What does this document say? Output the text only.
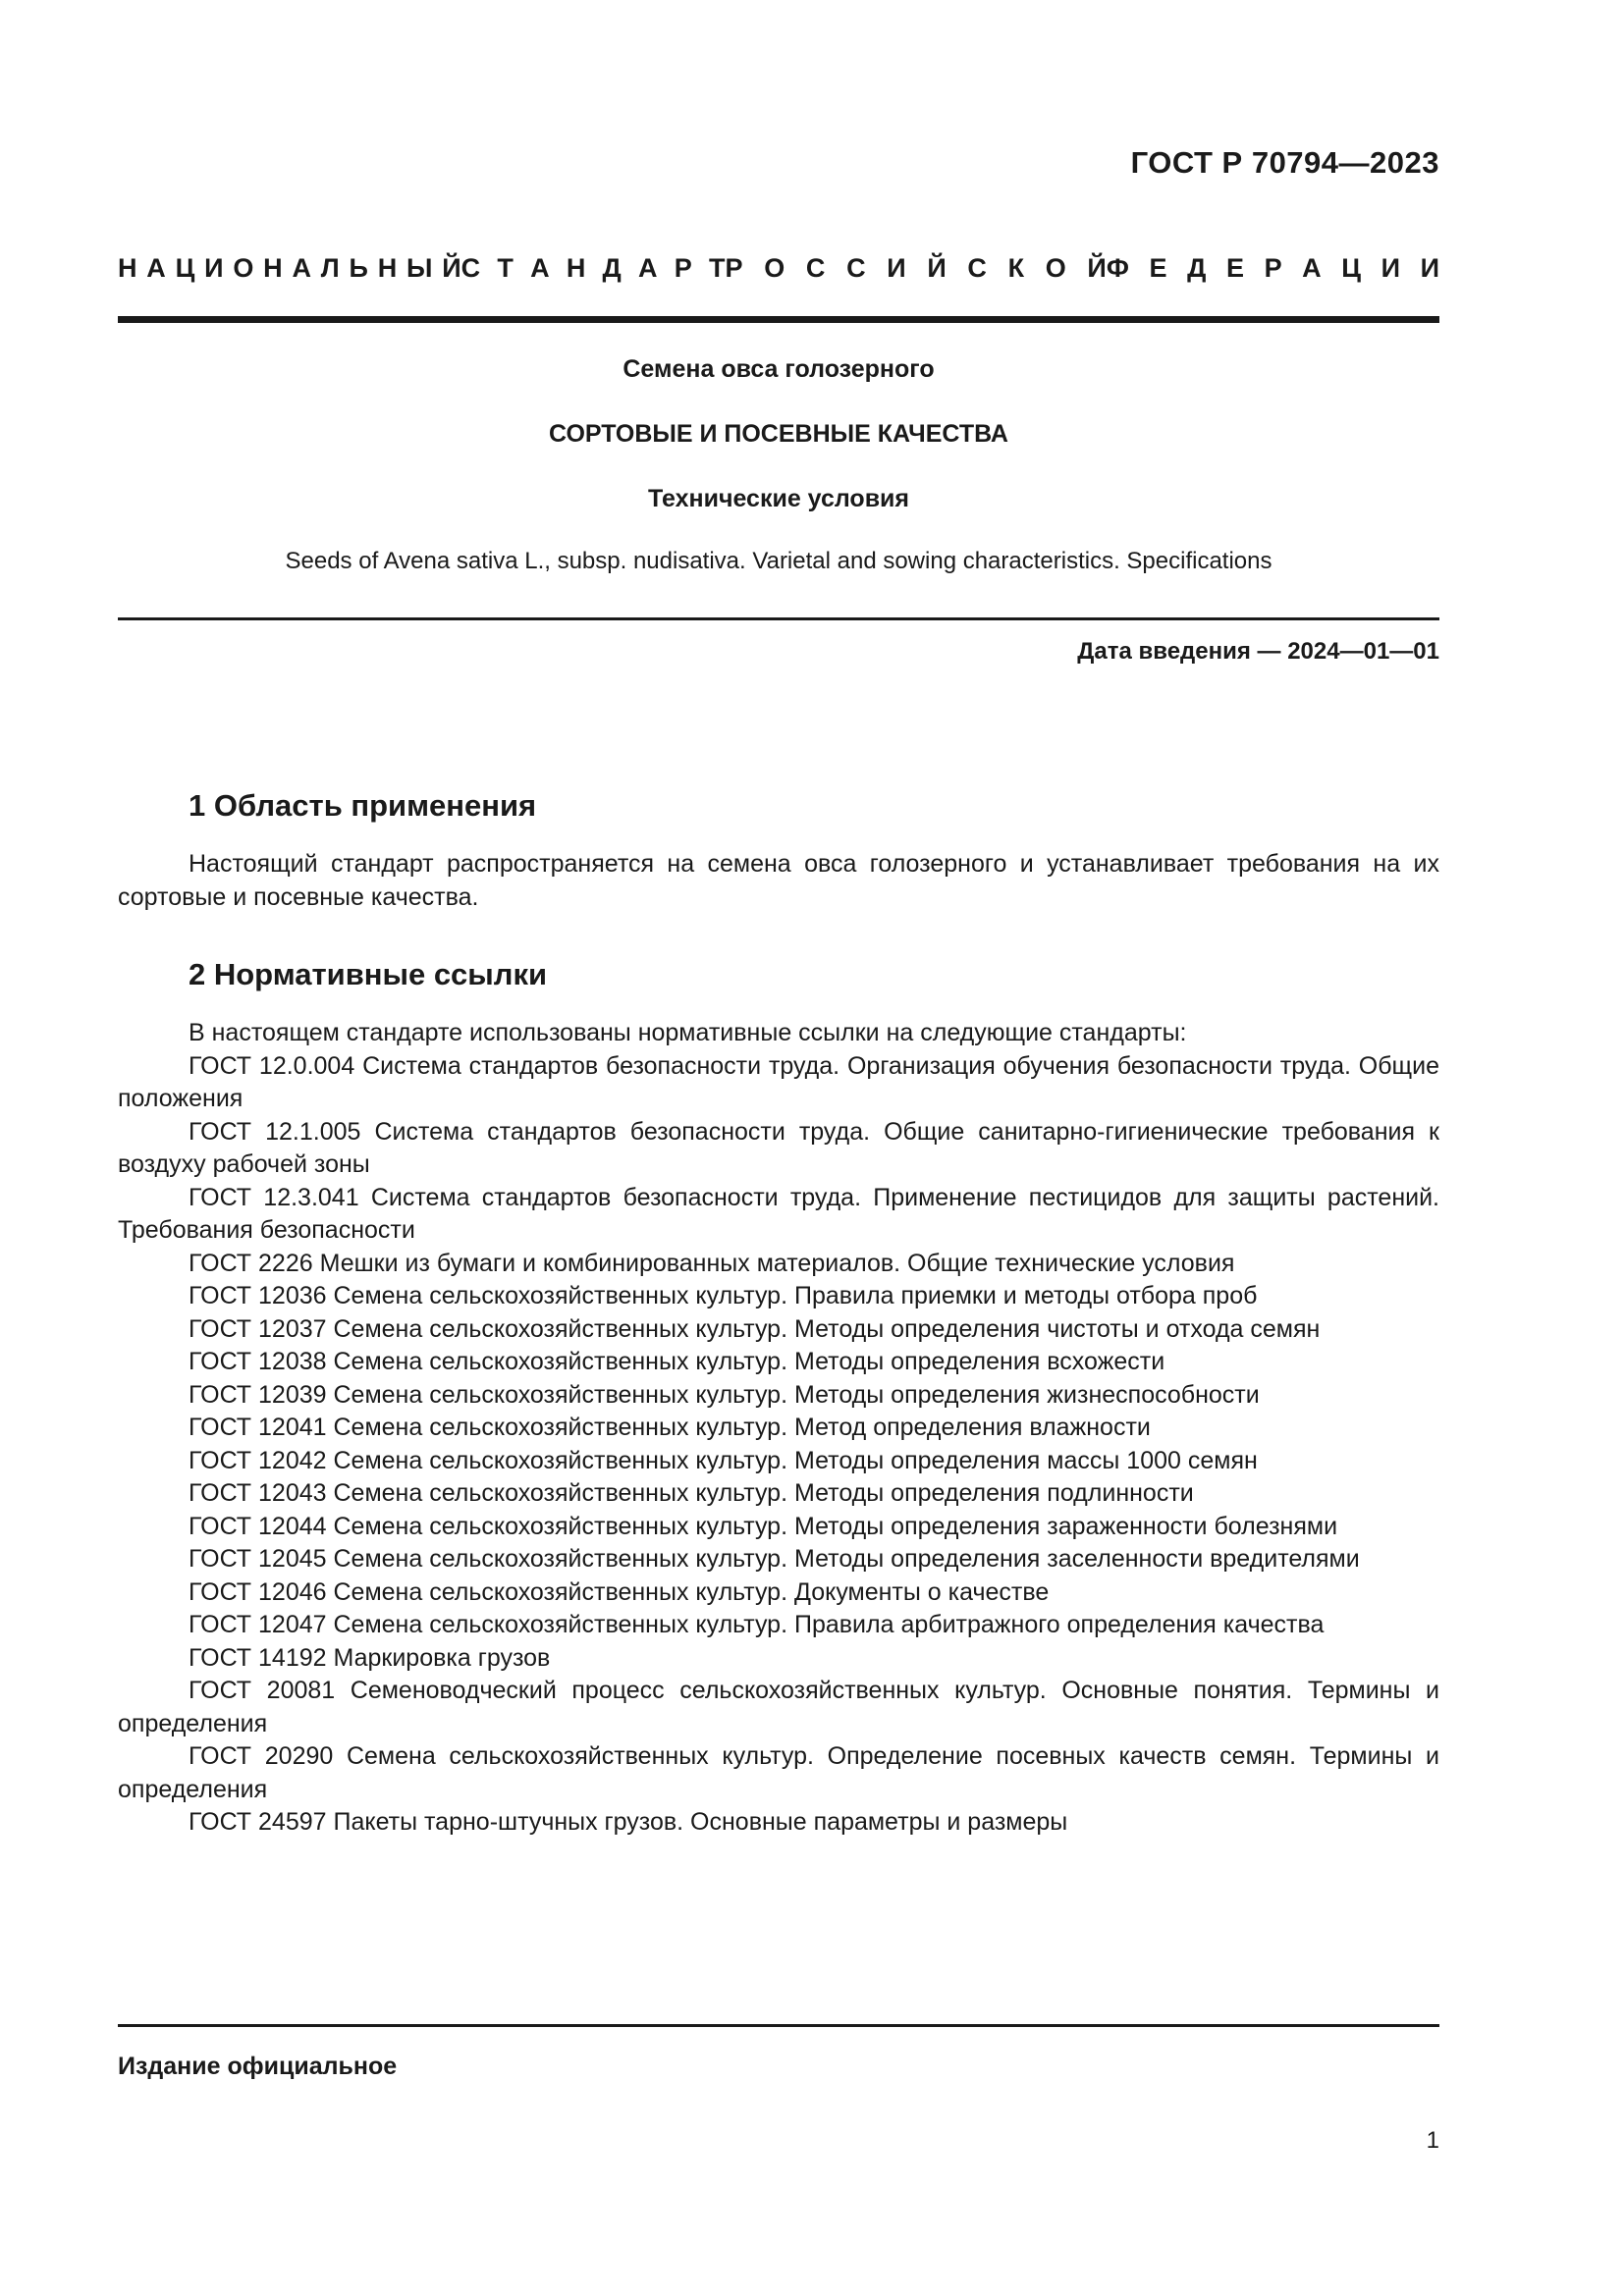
ГОСТ Р 70794—2023
Н А Ц И О Н А Л Ь Н Ы Й С Т А Н Д А Р Т Р О С С И Й С К О Й Ф Е Д Е Р А Ц И И
Семена овса голозерного
СОРТОВЫЕ И ПОСЕВНЫЕ КАЧЕСТВА
Технические условия
Seeds of Avena sativa L., subsp. nudisativa. Varietal and sowing characteristics. Specifications
Дата введения — 2024—01—01
1 Область применения

Настоящий стандарт распространяется на семена овса голозерного и устанавливает требования на их сортовые и посевные качества.

2 Нормативные ссылки

В настоящем стандарте использованы нормативные ссылки на следующие стандарты:

ГОСТ 12.0.004 Система стандартов безопасности труда. Организация обучения безопасности труда. Общие положения

ГОСТ 12.1.005 Система стандартов безопасности труда. Общие санитарно-гигиенические требования к воздуху рабочей зоны

ГОСТ 12.3.041 Система стандартов безопасности труда. Применение пестицидов для защиты растений. Требования безопасности

ГОСТ 2226 Мешки из бумаги и комбинированных материалов. Общие технические условия

ГОСТ 12036 Семена сельскохозяйственных культур. Правила приемки и методы отбора проб

ГОСТ 12037 Семена сельскохозяйственных культур. Методы определения чистоты и отхода семян

ГОСТ 12038 Семена сельскохозяйственных культур. Методы определения всхожести

ГОСТ 12039 Семена сельскохозяйственных культур. Методы определения жизнеспособности

ГОСТ 12041 Семена сельскохозяйственных культур. Метод определения влажности

ГОСТ 12042 Семена сельскохозяйственных культур. Методы определения массы 1000 семян

ГОСТ 12043 Семена сельскохозяйственных культур. Методы определения подлинности

ГОСТ 12044 Семена сельскохозяйственных культур. Методы определения зараженности болезнями

ГОСТ 12045 Семена сельскохозяйственных культур. Методы определения заселенности вредителями

ГОСТ 12046 Семена сельскохозяйственных культур. Документы о качестве

ГОСТ 12047 Семена сельскохозяйственных культур. Правила арбитражного определения качества

ГОСТ 14192 Маркировка грузов

ГОСТ 20081 Семеноводческий процесс сельскохозяйственных культур. Основные понятия. Термины и определения

ГОСТ 20290 Семена сельскохозяйственных культур. Определение посевных качеств семян. Термины и определения

ГОСТ 24597 Пакеты тарно-штучных грузов. Основные параметры и размеры

Издание официальное
1
